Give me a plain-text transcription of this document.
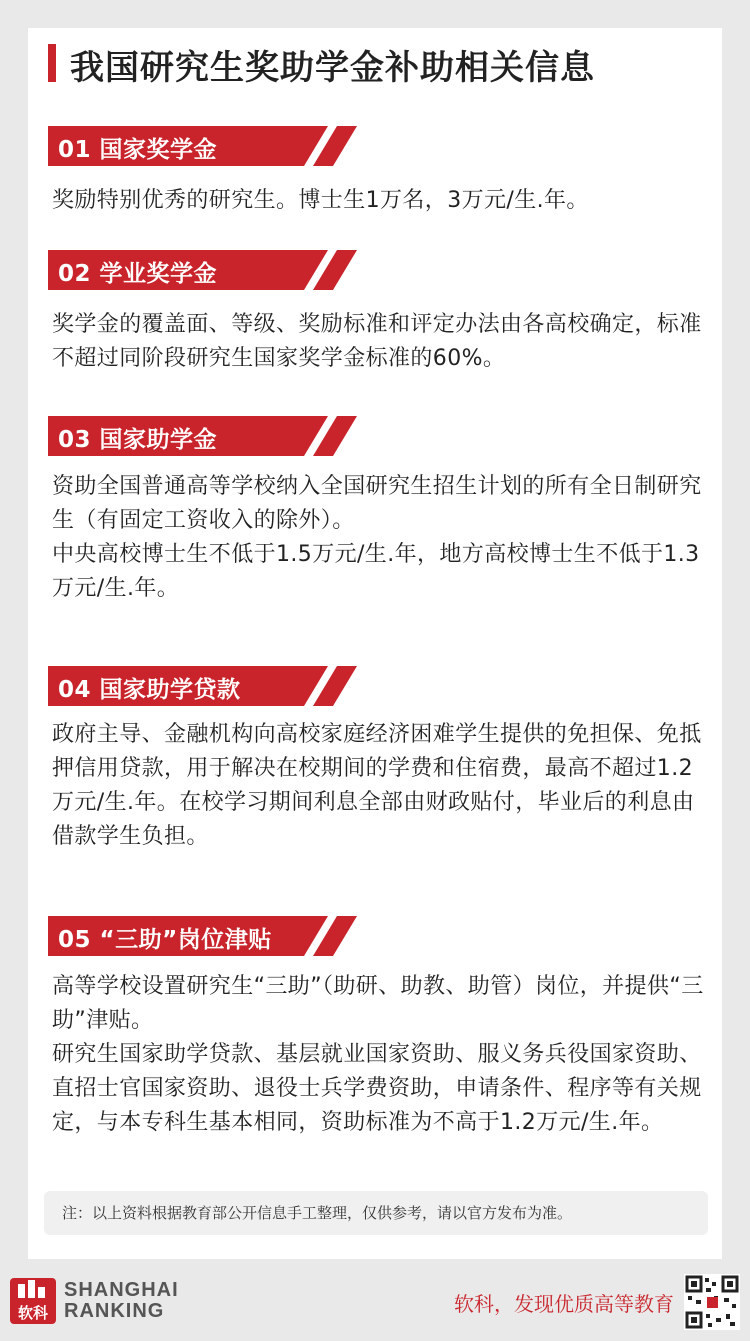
我国研究生奖助学金补助相关信息
01 国家奖学金

奖励特别优秀的研究生。博士生1万名，3万元/生.年。

02 学业奖学金

奖学金的覆盖面、等级、奖励标准和评定办法由各高校确定，标准不超过同阶段研究生国家奖学金标准的60%。

03 国家助学金

资助全国普通高等学校纳入全国研究生招生计划的所有全日制研究生（有固定工资收入的除外）。

中央高校博士生不低于1.5万元/生.年，地方高校博士生不低于1.3万元/生.年。

04 国家助学贷款

政府主导、金融机构向高校家庭经济困难学生提供的免担保、免抵押信用贷款，用于解决在校期间的学费和住宿费，最高不超过1.2万元/生.年。在校学习期间利息全部由财政贴付，毕业后的利息由借款学生负担。

05 “三助”岗位津贴

高等学校设置研究生“三助”（助研、助教、助管）岗位，并提供“三助”津贴。

研究生国家助学贷款、基层就业国家资助、服义务兵役国家资助、直招士官国家资助、退役士兵学费资助，申请条件、程序等有关规定，与本专科生基本相同，资助标准为不高于1.2万元/生.年。

注：以上资料根据教育部公开信息手工整理，仅供参考，请以官方发布为准。
软科
SHANGHAI
RANKING	软科，发现优质高等教育
